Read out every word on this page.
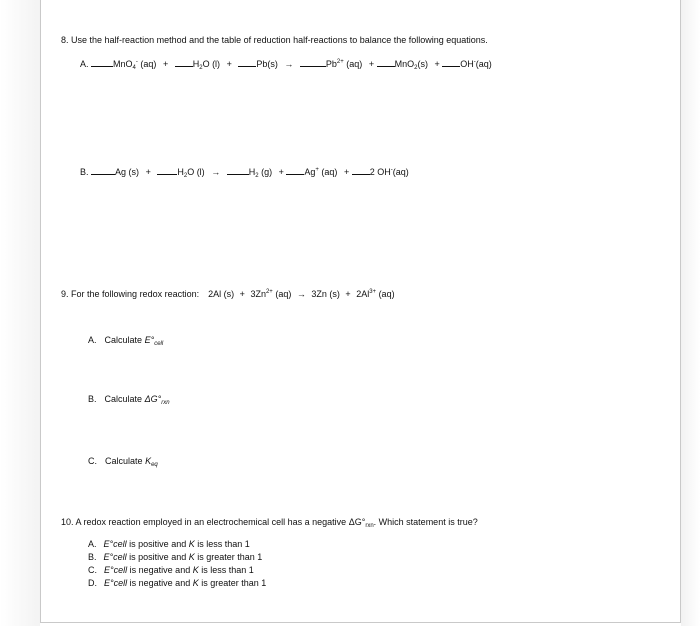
8. Use the half-reaction method and the table of reduction half-reactions to balance the following equations.
A.	MnO$_4$- (aq) +	$H_2O$ (l) +	Pb(s) →	$Pb^{2+}$ (aq) + MnO$_2$(s) + OH-(aq)
B.	Ag (s) +	$H_2O$ (l) →	$H_2$ (g) + Ag+ (aq) + 2 OH-(aq)
9. For the following redox reaction: 2Al $(s) + 3Zn^{2+}$ (aq) → 3Zn $(s) + 2Al^{3+}$ (aq)
A. Calculate $E^\circ_{cell}$
B. Calculate $\Delta G^\circ_{rxn}$
C. Calculate $K_{eq}$
10. A redox reaction employed in an electrochemical cell has a negative $\Delta G^\circ_{rxn}$. Which statement is true?
A. E°cell is positive and K is less than 1
B. E°cell is positive and K is greater than 1
C. E°cell is negative and K is less than 1
D. E°cell is negative and K is greater than 1
